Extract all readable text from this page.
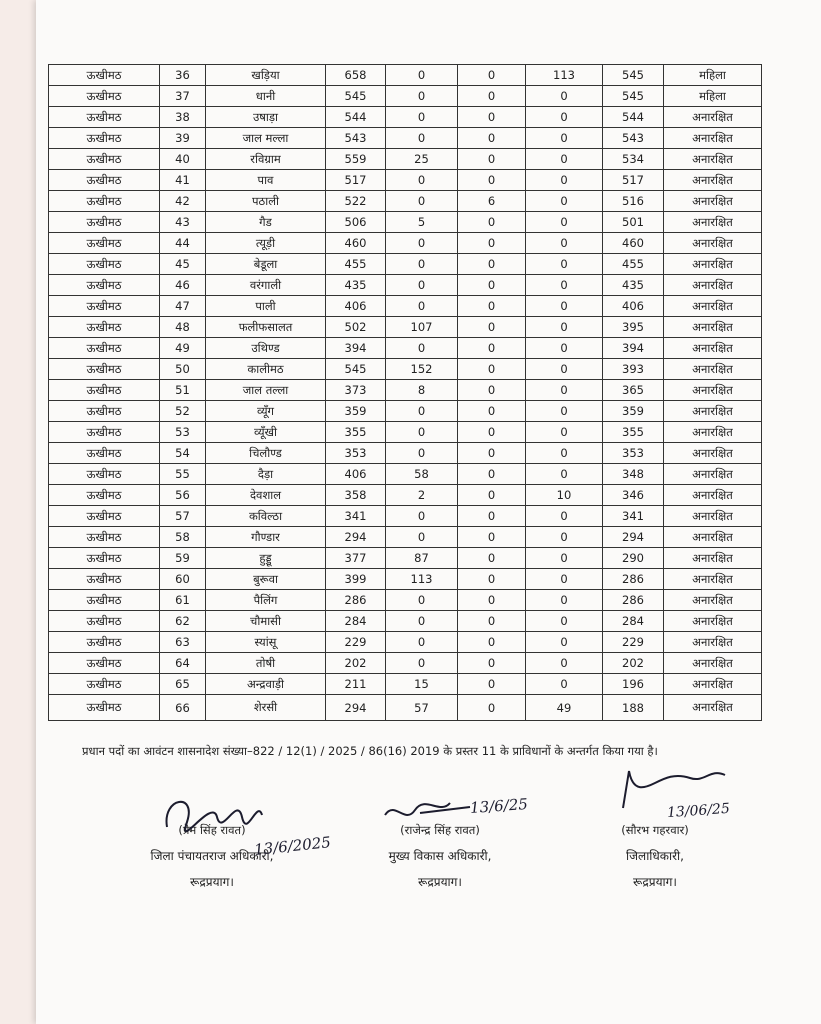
ऊखीमठ	36	खड़िया	658	0	0	113	545	महिला
ऊखीमठ	37	धानी	545	0	0	0	545	महिला
ऊखीमठ	38	उषाड़ा	544	0	0	0	544	अनारक्षित
ऊखीमठ	39	जाल मल्ला	543	0	0	0	543	अनारक्षित
ऊखीमठ	40	रविग्राम	559	25	0	0	534	अनारक्षित
ऊखीमठ	41	पाव	517	0	0	0	517	अनारक्षित
ऊखीमठ	42	पठाली	522	0	6	0	516	अनारक्षित
ऊखीमठ	43	गैड	506	5	0	0	501	अनारक्षित
ऊखीमठ	44	त्यूड़ी	460	0	0	0	460	अनारक्षित
ऊखीमठ	45	बेडूला	455	0	0	0	455	अनारक्षित
ऊखीमठ	46	वरंगाली	435	0	0	0	435	अनारक्षित
ऊखीमठ	47	पाली	406	0	0	0	406	अनारक्षित
ऊखीमठ	48	फलीफसालत	502	107	0	0	395	अनारक्षित
ऊखीमठ	49	उथिण्ड	394	0	0	0	394	अनारक्षित
ऊखीमठ	50	कालीमठ	545	152	0	0	393	अनारक्षित
ऊखीमठ	51	जाल तल्ला	373	8	0	0	365	अनारक्षित
ऊखीमठ	52	व्यूँग	359	0	0	0	359	अनारक्षित
ऊखीमठ	53	व्यूँखी	355	0	0	0	355	अनारक्षित
ऊखीमठ	54	चिलौण्ड	353	0	0	0	353	अनारक्षित
ऊखीमठ	55	दैड़ा	406	58	0	0	348	अनारक्षित
ऊखीमठ	56	देवशाल	358	2	0	10	346	अनारक्षित
ऊखीमठ	57	कविल्ठा	341	0	0	0	341	अनारक्षित
ऊखीमठ	58	गौण्डार	294	0	0	0	294	अनारक्षित
ऊखीमठ	59	हुड्डू	377	87	0	0	290	अनारक्षित
ऊखीमठ	60	बुरूवा	399	113	0	0	286	अनारक्षित
ऊखीमठ	61	पैलिंग	286	0	0	0	286	अनारक्षित
ऊखीमठ	62	चौमासी	284	0	0	0	284	अनारक्षित
ऊखीमठ	63	स्यांसू	229	0	0	0	229	अनारक्षित
ऊखीमठ	64	तोषी	202	0	0	0	202	अनारक्षित
ऊखीमठ	65	अन्द्रवाड़ी	211	15	0	0	196	अनारक्षित
ऊखीमठ	66	शेरसी	294	57	0	49	188	अनारक्षित
प्रधान पदों का आवंटन शासनादेश संख्या–822 / 12(1) / 2025 / 86(16) 2019 के प्रस्तर 11 के प्राविधानों के अन्तर्गत किया गया है।
(प्रेम सिंह रावत)
जिला पंचायतराज अधिकारी,
रूद्रप्रयाग।
13/6/2025
(राजेन्द्र सिंह रावत)
मुख्य विकास अधिकारी,
रूद्रप्रयाग।
13/6/25
(सौरभ गहरवार)
जिलाधिकारी,
रूद्रप्रयाग।
13/06/25
